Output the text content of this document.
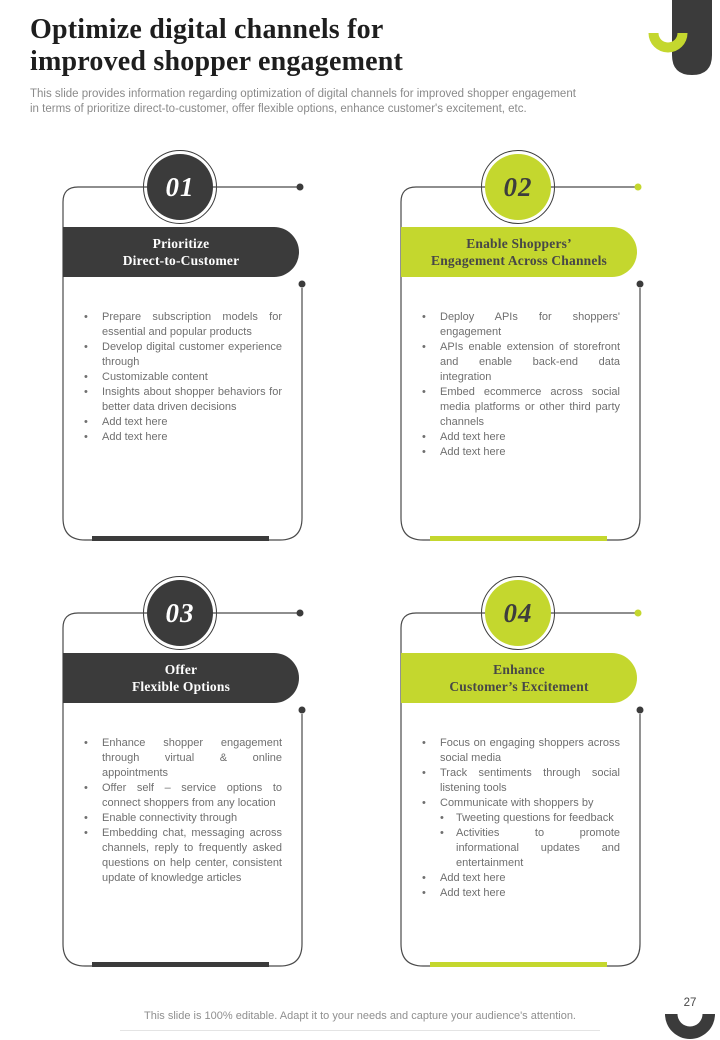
Optimize digital channels for
improved shopper engagement
This slide provides information regarding optimization of digital channels for improved shopper engagement
in terms of prioritize direct-to-customer, offer flexible options, enhance customer's excitement, etc.
01
Prioritize
Direct-to-Customer
• Prepare subscription models for essential and popular products
• Develop digital customer experience through
• Customizable content
• Insights about shopper behaviors for better data driven decisions
• Add text here
• Add text here
02
Enable Shoppers’
Engagement Across Channels
• Deploy APIs for shoppers' engagement
• APIs enable extension of storefront and enable back-end data integration
• Embed ecommerce across social media platforms or other third party channels
• Add text here
• Add text here
03
Offer
Flexible Options
• Enhance shopper engagement through virtual & online appointments
• Offer self – service options to connect shoppers from any location
• Enable connectivity through
• Embedding chat, messaging across channels, reply to frequently asked questions on help center, consistent update of knowledge articles
04
Enhance
Customer’s Excitement
• Focus on engaging shoppers across social media
• Track sentiments through social listening tools
• Communicate with shoppers by
• Tweeting questions for feedback
• Activities to promote informational updates and entertainment
• Add text here
• Add text here
This slide is 100% editable. Adapt it to your needs and capture your audience's attention.
27
